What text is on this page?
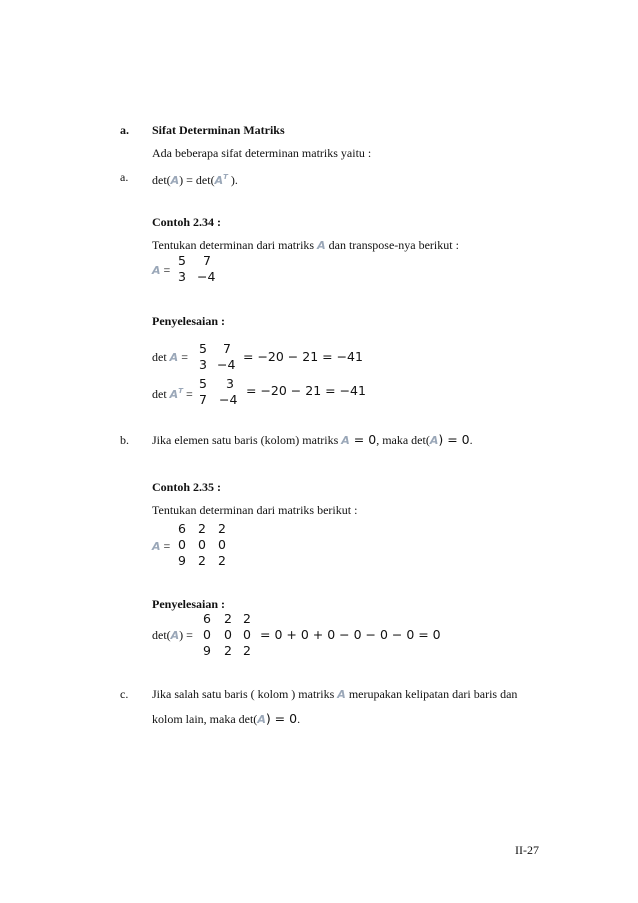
a. Sifat Determinan Matriks
Ada beberapa sifat determinan matriks yaitu :
a. $\det(A) = \det(A^T$ ).
Contoh 2.34 :
Tentukan determinan dari matriks A dan transpose-nya berikut :
A =
5 7
3 −4
Penyelesaian :
det A =
5 7
3 −4
= −20 − 21 = −41
$\det A^T$ =
5 3
7 −4
= −20 − 21 = −41
b. Jika elemen satu baris (kolom) matriks A = 0, maka det(A) = 0.
Contoh 2.35 :
Tentukan determinan dari matriks berikut :
A =
6 2 2
0 0 0
9 2 2
Penyelesaian :
det(A) =
6 2 2
0 0 0
9 2 2
= 0 + 0 + 0 − 0 − 0 − 0 = 0
c. Jika salah satu baris ( kolom ) matriks A merupakan kelipatan dari baris dan
kolom lain, maka det(A) = 0.
II-27
